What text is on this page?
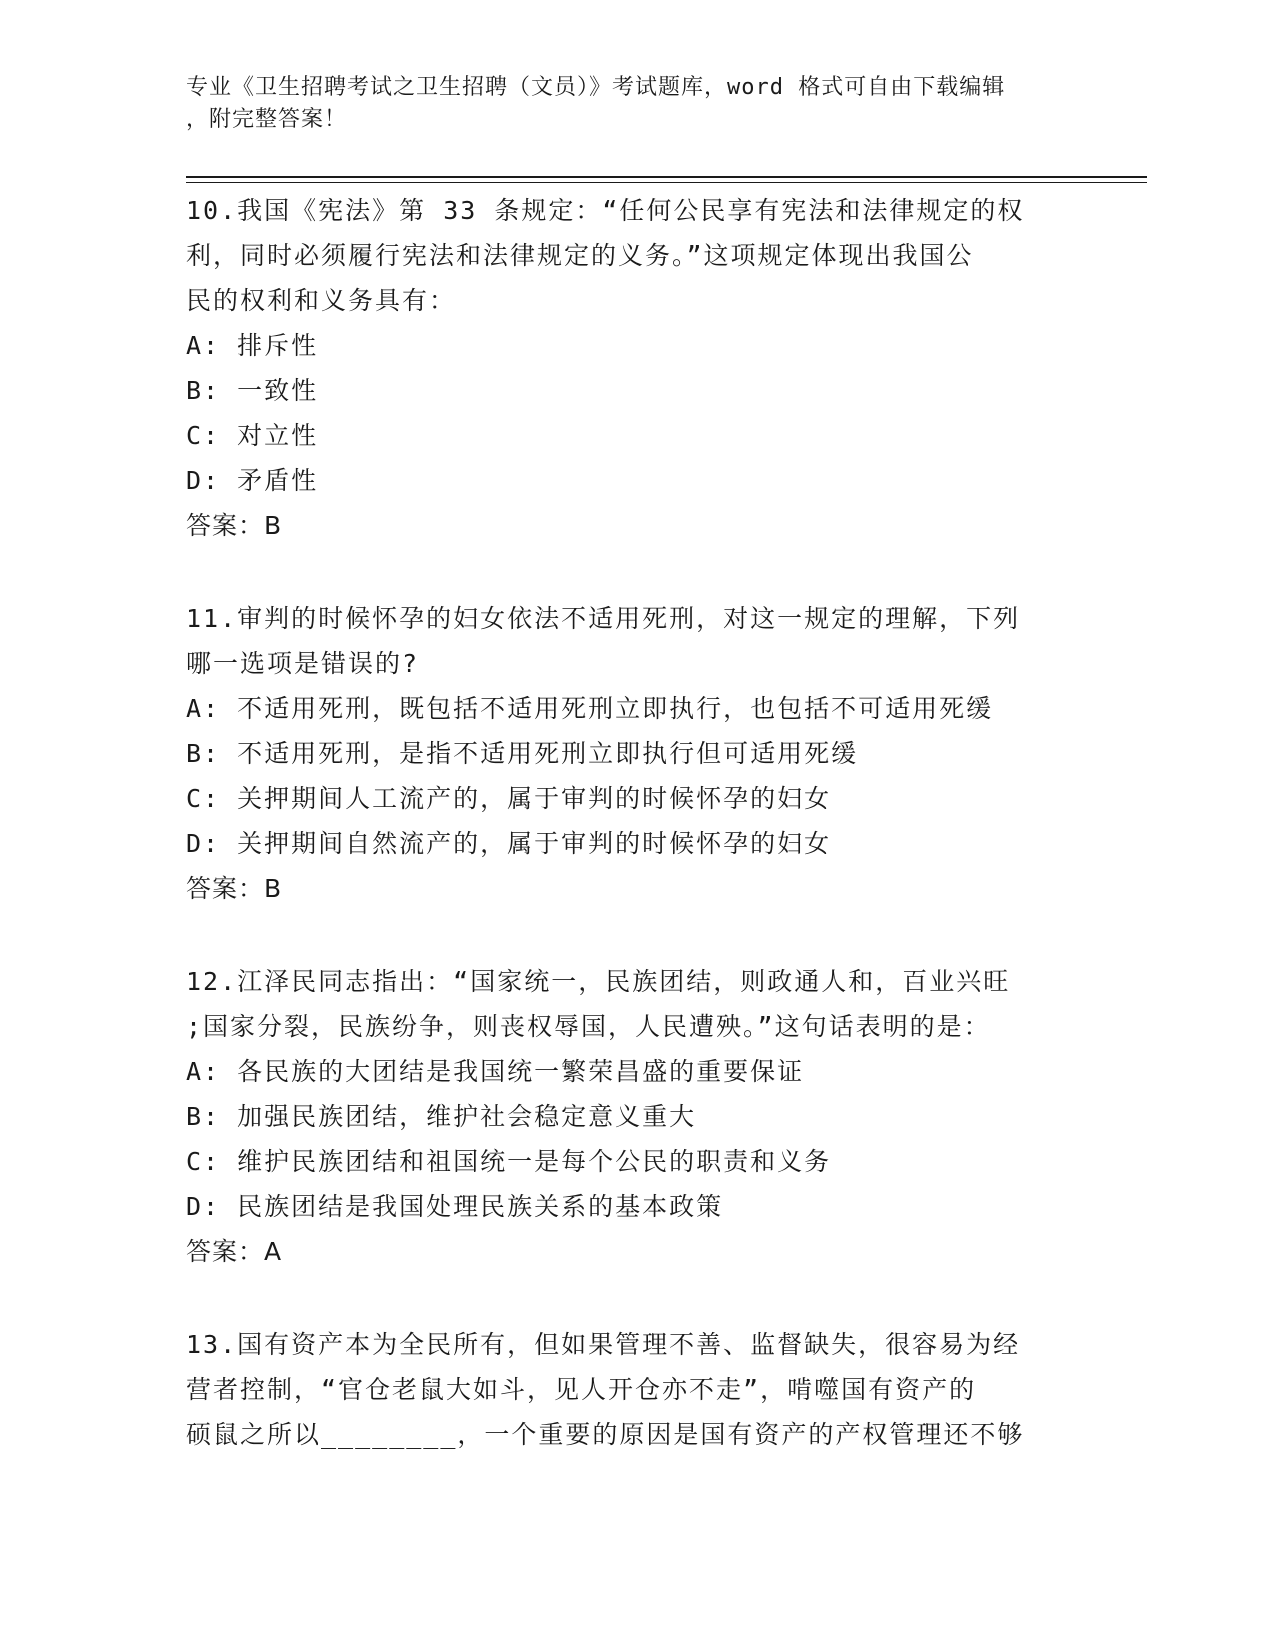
专业《卫生招聘考试之卫生招聘（文员）》考试题库，word 格式可自由下载编辑
，附完整答案！
10.我国《宪法》第 33 条规定：“任何公民享有宪法和法律规定的权
利，同时必须履行宪法和法律规定的义务。”这项规定体现出我国公
民的权利和义务具有：
A: 排斥性
B: 一致性
C: 对立性
D: 矛盾性
答案：B
11.审判的时候怀孕的妇女依法不适用死刑，对这一规定的理解，下列
哪一选项是错误的?
A: 不适用死刑，既包括不适用死刑立即执行，也包括不可适用死缓
B: 不适用死刑，是指不适用死刑立即执行但可适用死缓
C: 关押期间人工流产的，属于审判的时候怀孕的妇女
D: 关押期间自然流产的，属于审判的时候怀孕的妇女
答案：B
12.江泽民同志指出：“国家统一，民族团结，则政通人和，百业兴旺
;国家分裂，民族纷争，则丧权辱国，人民遭殃。”这句话表明的是：
A: 各民族的大团结是我国统一繁荣昌盛的重要保证
B: 加强民族团结，维护社会稳定意义重大
C: 维护民族团结和祖国统一是每个公民的职责和义务
D: 民族团结是我国处理民族关系的基本政策
答案：A
13.国有资产本为全民所有，但如果管理不善、监督缺失，很容易为经
营者控制，“官仓老鼠大如斗，见人开仓亦不走”，啃噬国有资产的
硕鼠之所以________，一个重要的原因是国有资产的产权管理还不够
